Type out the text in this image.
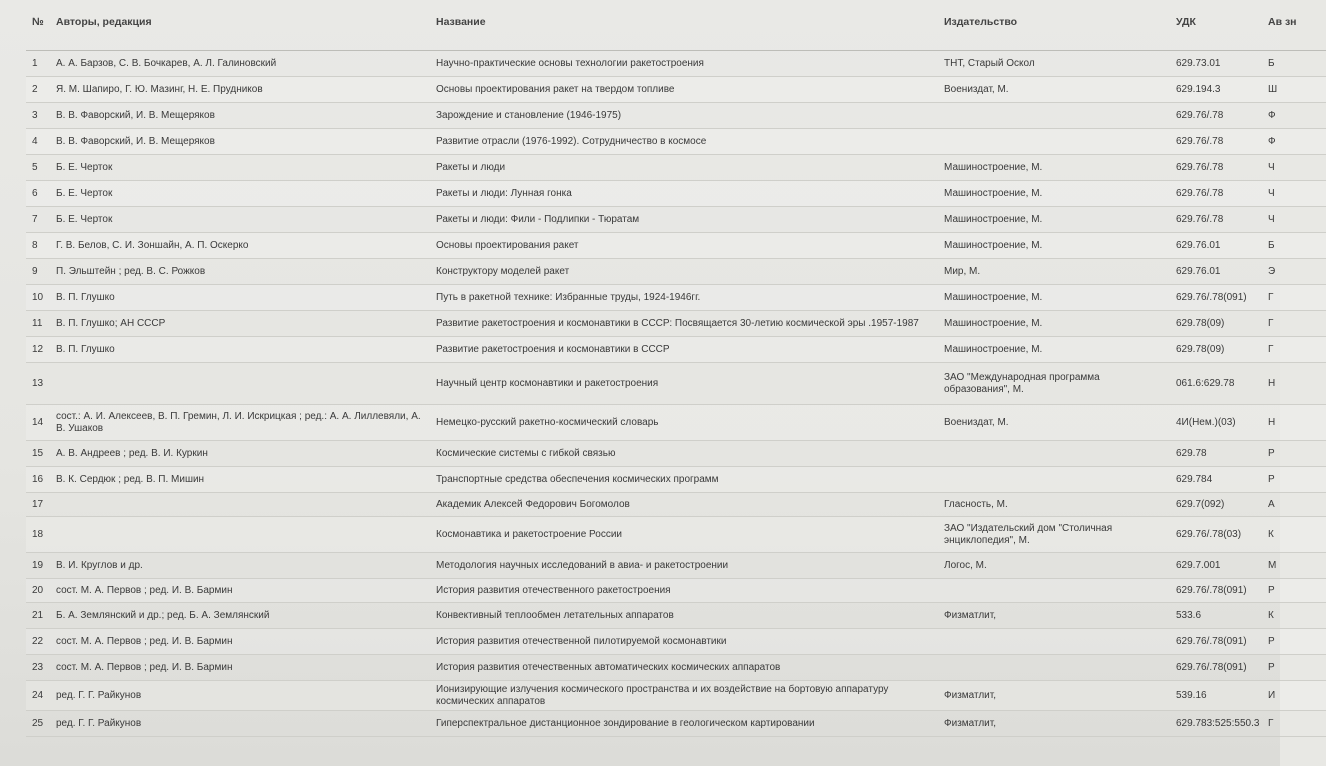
№	Авторы, редакция	Название	Издательство	УДК	Ав зн
1	А. А. Барзов, С. В. Бочкарев, А. Л. Галиновский	Научно-практические основы технологии ракетостроения	ТНТ, Старый Оскол	629.73.01	Б
2	Я. М. Шапиро, Г. Ю. Мазинг, Н. Е. Прудников	Основы проектирования ракет на твердом топливе	Воениздат, М.	629.194.3	Ш
3	В. В. Фаворский, И. В. Мещеряков	Зарождение и становление (1946-1975)		629.76/.78	Ф
4	В. В. Фаворский, И. В. Мещеряков	Развитие отрасли (1976-1992). Сотрудничество в космосе		629.76/.78	Ф
5	Б. Е. Черток	Ракеты и люди	Машиностроение, М.	629.76/.78	Ч
6	Б. Е. Черток	Ракеты и люди: Лунная гонка	Машиностроение, М.	629.76/.78	Ч
7	Б. Е. Черток	Ракеты и люди: Фили - Подлипки - Тюратам	Машиностроение, М.	629.76/.78	Ч
8	Г. В. Белов, С. И. Зоншайн, А. П. Оскерко	Основы проектирования ракет	Машиностроение, М.	629.76.01	Б
9	П. Эльштейн ; ред. В. С. Рожков	Конструктору моделей ракет	Мир, М.	629.76.01	Э
10	В. П. Глушко	Путь в ракетной технике: Избранные труды, 1924-1946гг.	Машиностроение, М.	629.76/.78(091)	Г
11	В. П. Глушко; АН СССР	Развитие ракетостроения и космонавтики в СССР: Посвящается 30-летию космической эры .1957-1987	Машиностроение, М.	629.78(09)	Г
12	В. П. Глушко	Развитие ракетостроения и космонавтики в СССР	Машиностроение, М.	629.78(09)	Г
13		Научный центр космонавтики и ракетостроения	ЗАО "Международная программа образования", М.	061.6:629.78	Н
14	сост.: А. И. Алексеев, В. П. Гремин, Л. И. Искрицкая ; ред.: А. А. Лиллевяли, А. В. Ушаков	Немецко-русский ракетно-космический словарь	Воениздат, М.	4И(Нем.)(03)	Н
15	А. В. Андреев ; ред. В. И. Куркин	Космические системы с гибкой связью		629.78	Р
16	В. К. Сердюк ; ред. В. П. Мишин	Транспортные средства обеспечения космических программ		629.784	Р
17		Академик Алексей Федорович Богомолов	Гласность, М.	629.7(092)	А
18		Космонавтика и ракетостроение России	ЗАО "Издательский дом "Столичная энциклопедия", М.	629.76/.78(03)	К
19	В. И. Круглов и др.	Методология научных исследований в авиа- и ракетостроении	Логос, М.	629.7.001	М
20	сост. М. А. Первов ; ред. И. В. Бармин	История развития отечественного ракетостроения		629.76/.78(091)	Р
21	Б. А. Землянский и др.; ред. Б. А. Землянский	Конвективный теплообмен летательных аппаратов	Физматлит,	533.6	К
22	сост. М. А. Первов ; ред. И. В. Бармин	История развития отечественной пилотируемой космонавтики		629.76/.78(091)	Р
23	сост. М. А. Первов ; ред. И. В. Бармин	История развития отечественных автоматических космических аппаратов		629.76/.78(091)	Р
24	ред. Г. Г. Райкунов	Ионизирующие излучения космического пространства и их воздействие на бортовую аппаратуру космических аппаратов	Физматлит,	539.16	И
25	ред. Г. Г. Райкунов	Гиперспектральное дистанционное зондирование в геологическом картировании	Физматлит,	629.783:525:550.3	Г
